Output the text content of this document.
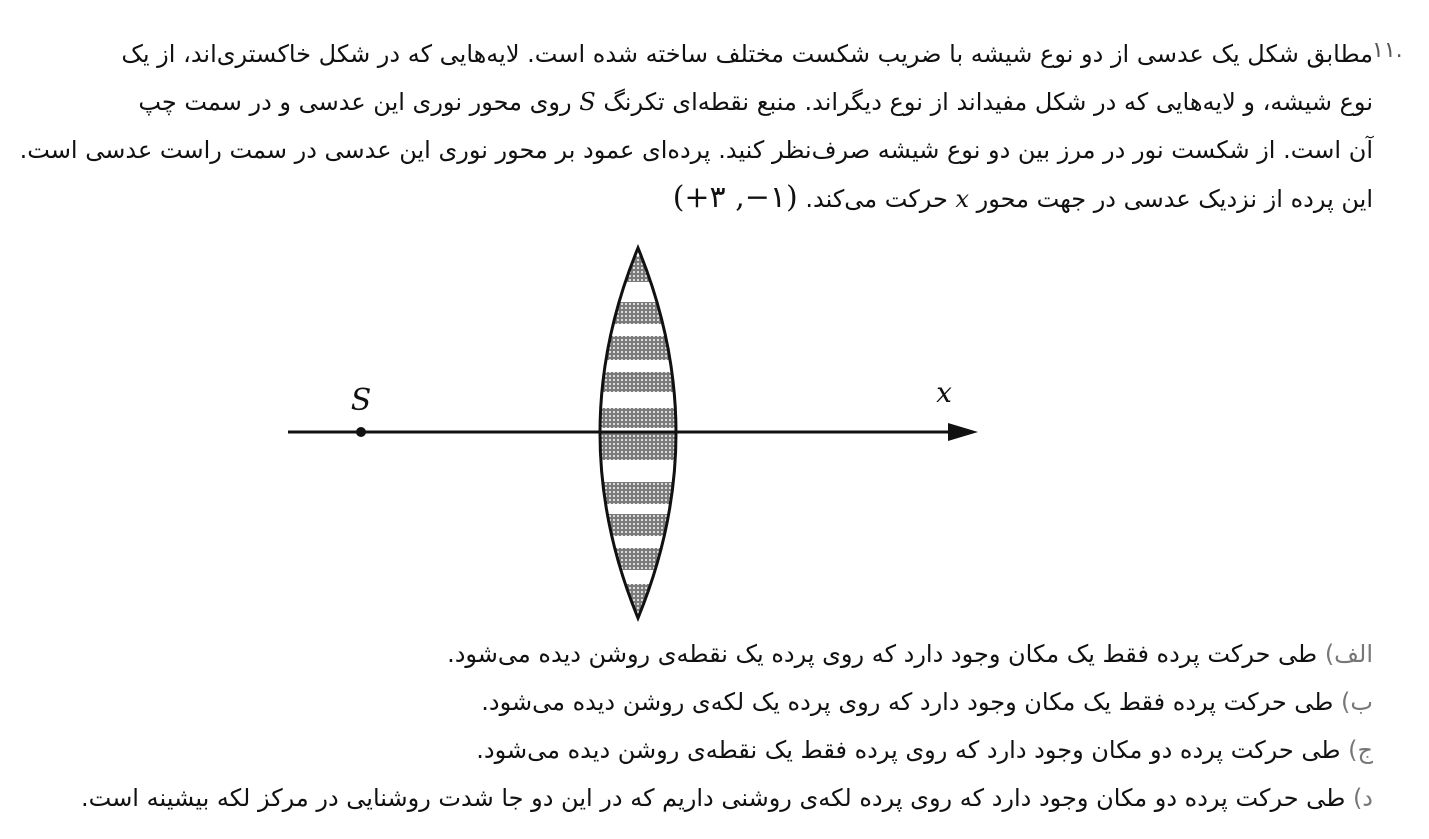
۱۱.
مطابق شکل یک عدسی از دو نوع شیشه با ضریب شکست مختلف ساخته شده است. لایه‌هایی که در شکل خاکستری‌اند، از یک
نوع شیشه، و لایه‌هایی که در شکل مفیداند از نوع دیگراند. منبع نقطه‌ای تکرنگ S روی محور نوری این عدسی و در سمت چپ
آن است. از شکست نور در مرز بین دو نوع شیشه صرف‌نظر کنید. پرده‌ای عمود بر محور نوری این عدسی در سمت راست عدسی است.
این پرده از نزدیک عدسی در جهت محور x حرکت می‌کند. (۱−, ۳+)
S	x
الف) طی حرکت پرده فقط یک مکان وجود دارد که روی پرده یک نقطه‌ی روشن دیده می‌شود.
ب) طی حرکت پرده فقط یک مکان وجود دارد که روی پرده یک لکه‌ی روشن دیده می‌شود.
ج) طی حرکت پرده دو مکان وجود دارد که روی پرده فقط یک نقطه‌ی روشن دیده می‌شود.
د) طی حرکت پرده دو مکان وجود دارد که روی پرده لکه‌ی روشنی داریم که در این دو جا شدت روشنایی در مرکز لکه بیشینه است.
